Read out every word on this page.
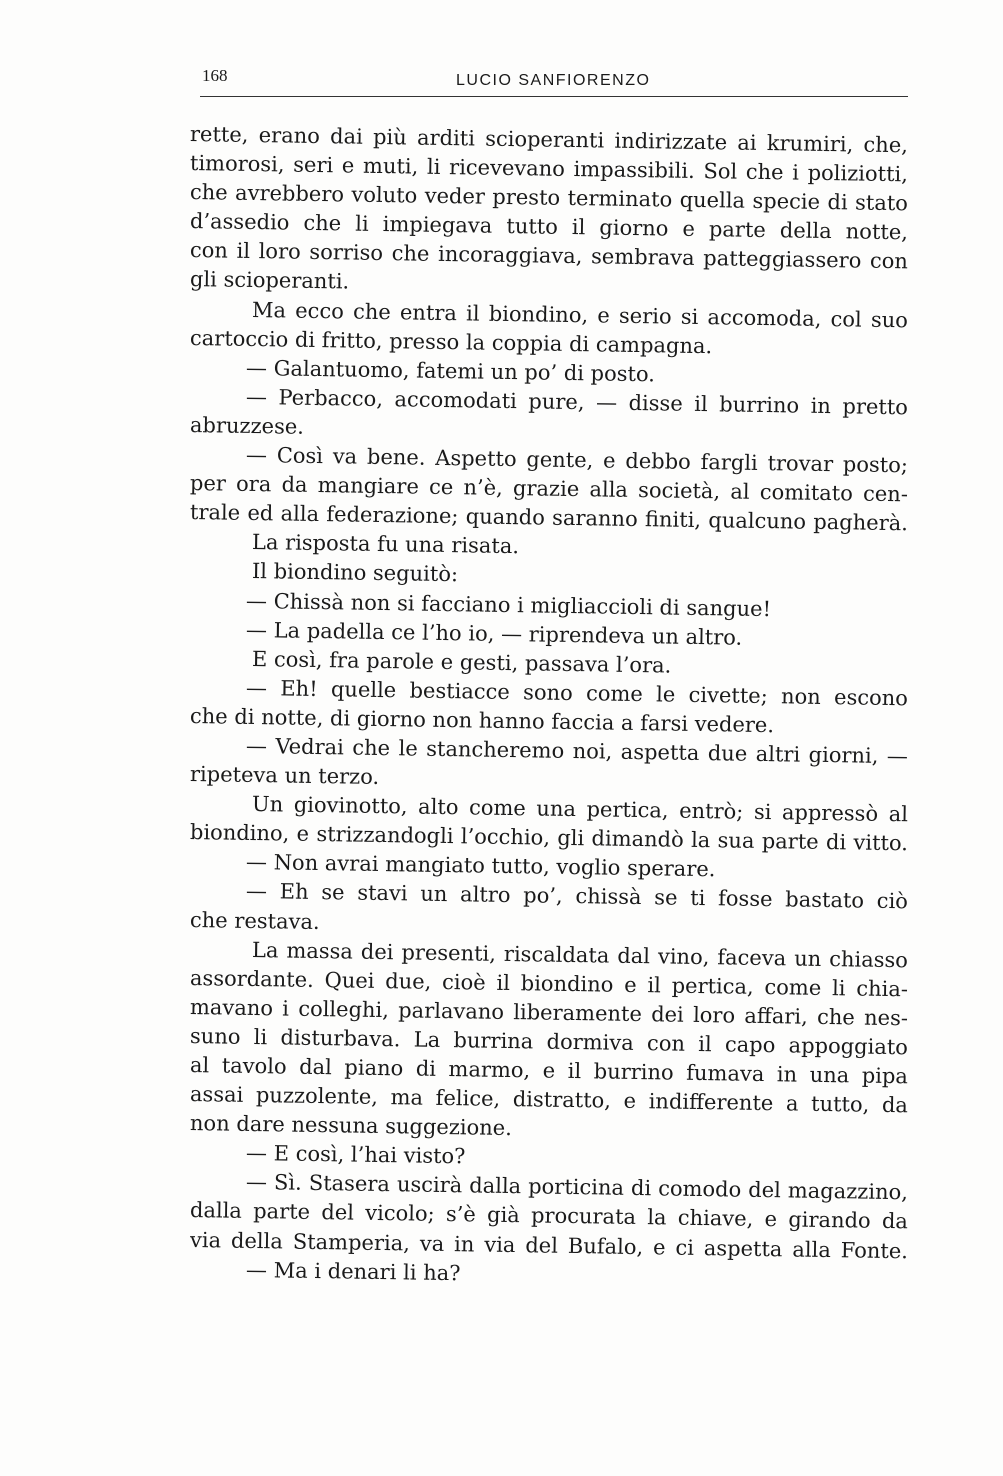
168	LUCIO SANFIORENZO
rette, erano dai più arditi scioperanti indirizzate ai krumiri, che,
timorosi, seri e muti, li ricevevano impassibili. Sol che i poliziotti,
che avrebbero voluto veder presto terminato quella specie di stato
d’assedio che li impiegava tutto il giorno e parte della notte,
con il loro sorriso che incoraggiava, sembrava patteggiassero con
gli scioperanti.
Ma ecco che entra il biondino, e serio si accomoda, col suo
cartoccio di fritto, presso la coppia di campagna.
— Galantuomo, fatemi un po’ di posto.
— Perbacco, accomodati pure, — disse il burrino in pretto
abruzzese.
— Così va bene. Aspetto gente, e debbo fargli trovar posto;
per ora da mangiare ce n’è, grazie alla società, al comitato cen-
trale ed alla federazione; quando saranno finiti, qualcuno pagherà.
La risposta fu una risata.
Il biondino seguitò:
— Chissà non si facciano i migliaccioli di sangue!
— La padella ce l’ho io, — riprendeva un altro.
E così, fra parole e gesti, passava l’ora.
— Eh! quelle bestiacce sono come le civette; non escono
che di notte, di giorno non hanno faccia a farsi vedere.
— Vedrai che le stancheremo noi, aspetta due altri giorni, —
ripeteva un terzo.
Un giovinotto, alto come una pertica, entrò; si appressò al
biondino, e strizzandogli l’occhio, gli dimandò la sua parte di vitto.
— Non avrai mangiato tutto, voglio sperare.
— Eh se stavi un altro po’, chissà se ti fosse bastato ciò
che restava.
La massa dei presenti, riscaldata dal vino, faceva un chiasso
assordante. Quei due, cioè il biondino e il pertica, come li chia-
mavano i colleghi, parlavano liberamente dei loro affari, che nes-
suno li disturbava. La burrina dormiva con il capo appoggiato
al tavolo dal piano di marmo, e il burrino fumava in una pipa
assai puzzolente, ma felice, distratto, e indifferente a tutto, da
non dare nessuna suggezione.
— E così, l’hai visto?
— Sì. Stasera uscirà dalla porticina di comodo del magazzino,
dalla parte del vicolo; s’è già procurata la chiave, e girando da
via della Stamperia, va in via del Bufalo, e ci aspetta alla Fonte.
— Ma i denari li ha?
